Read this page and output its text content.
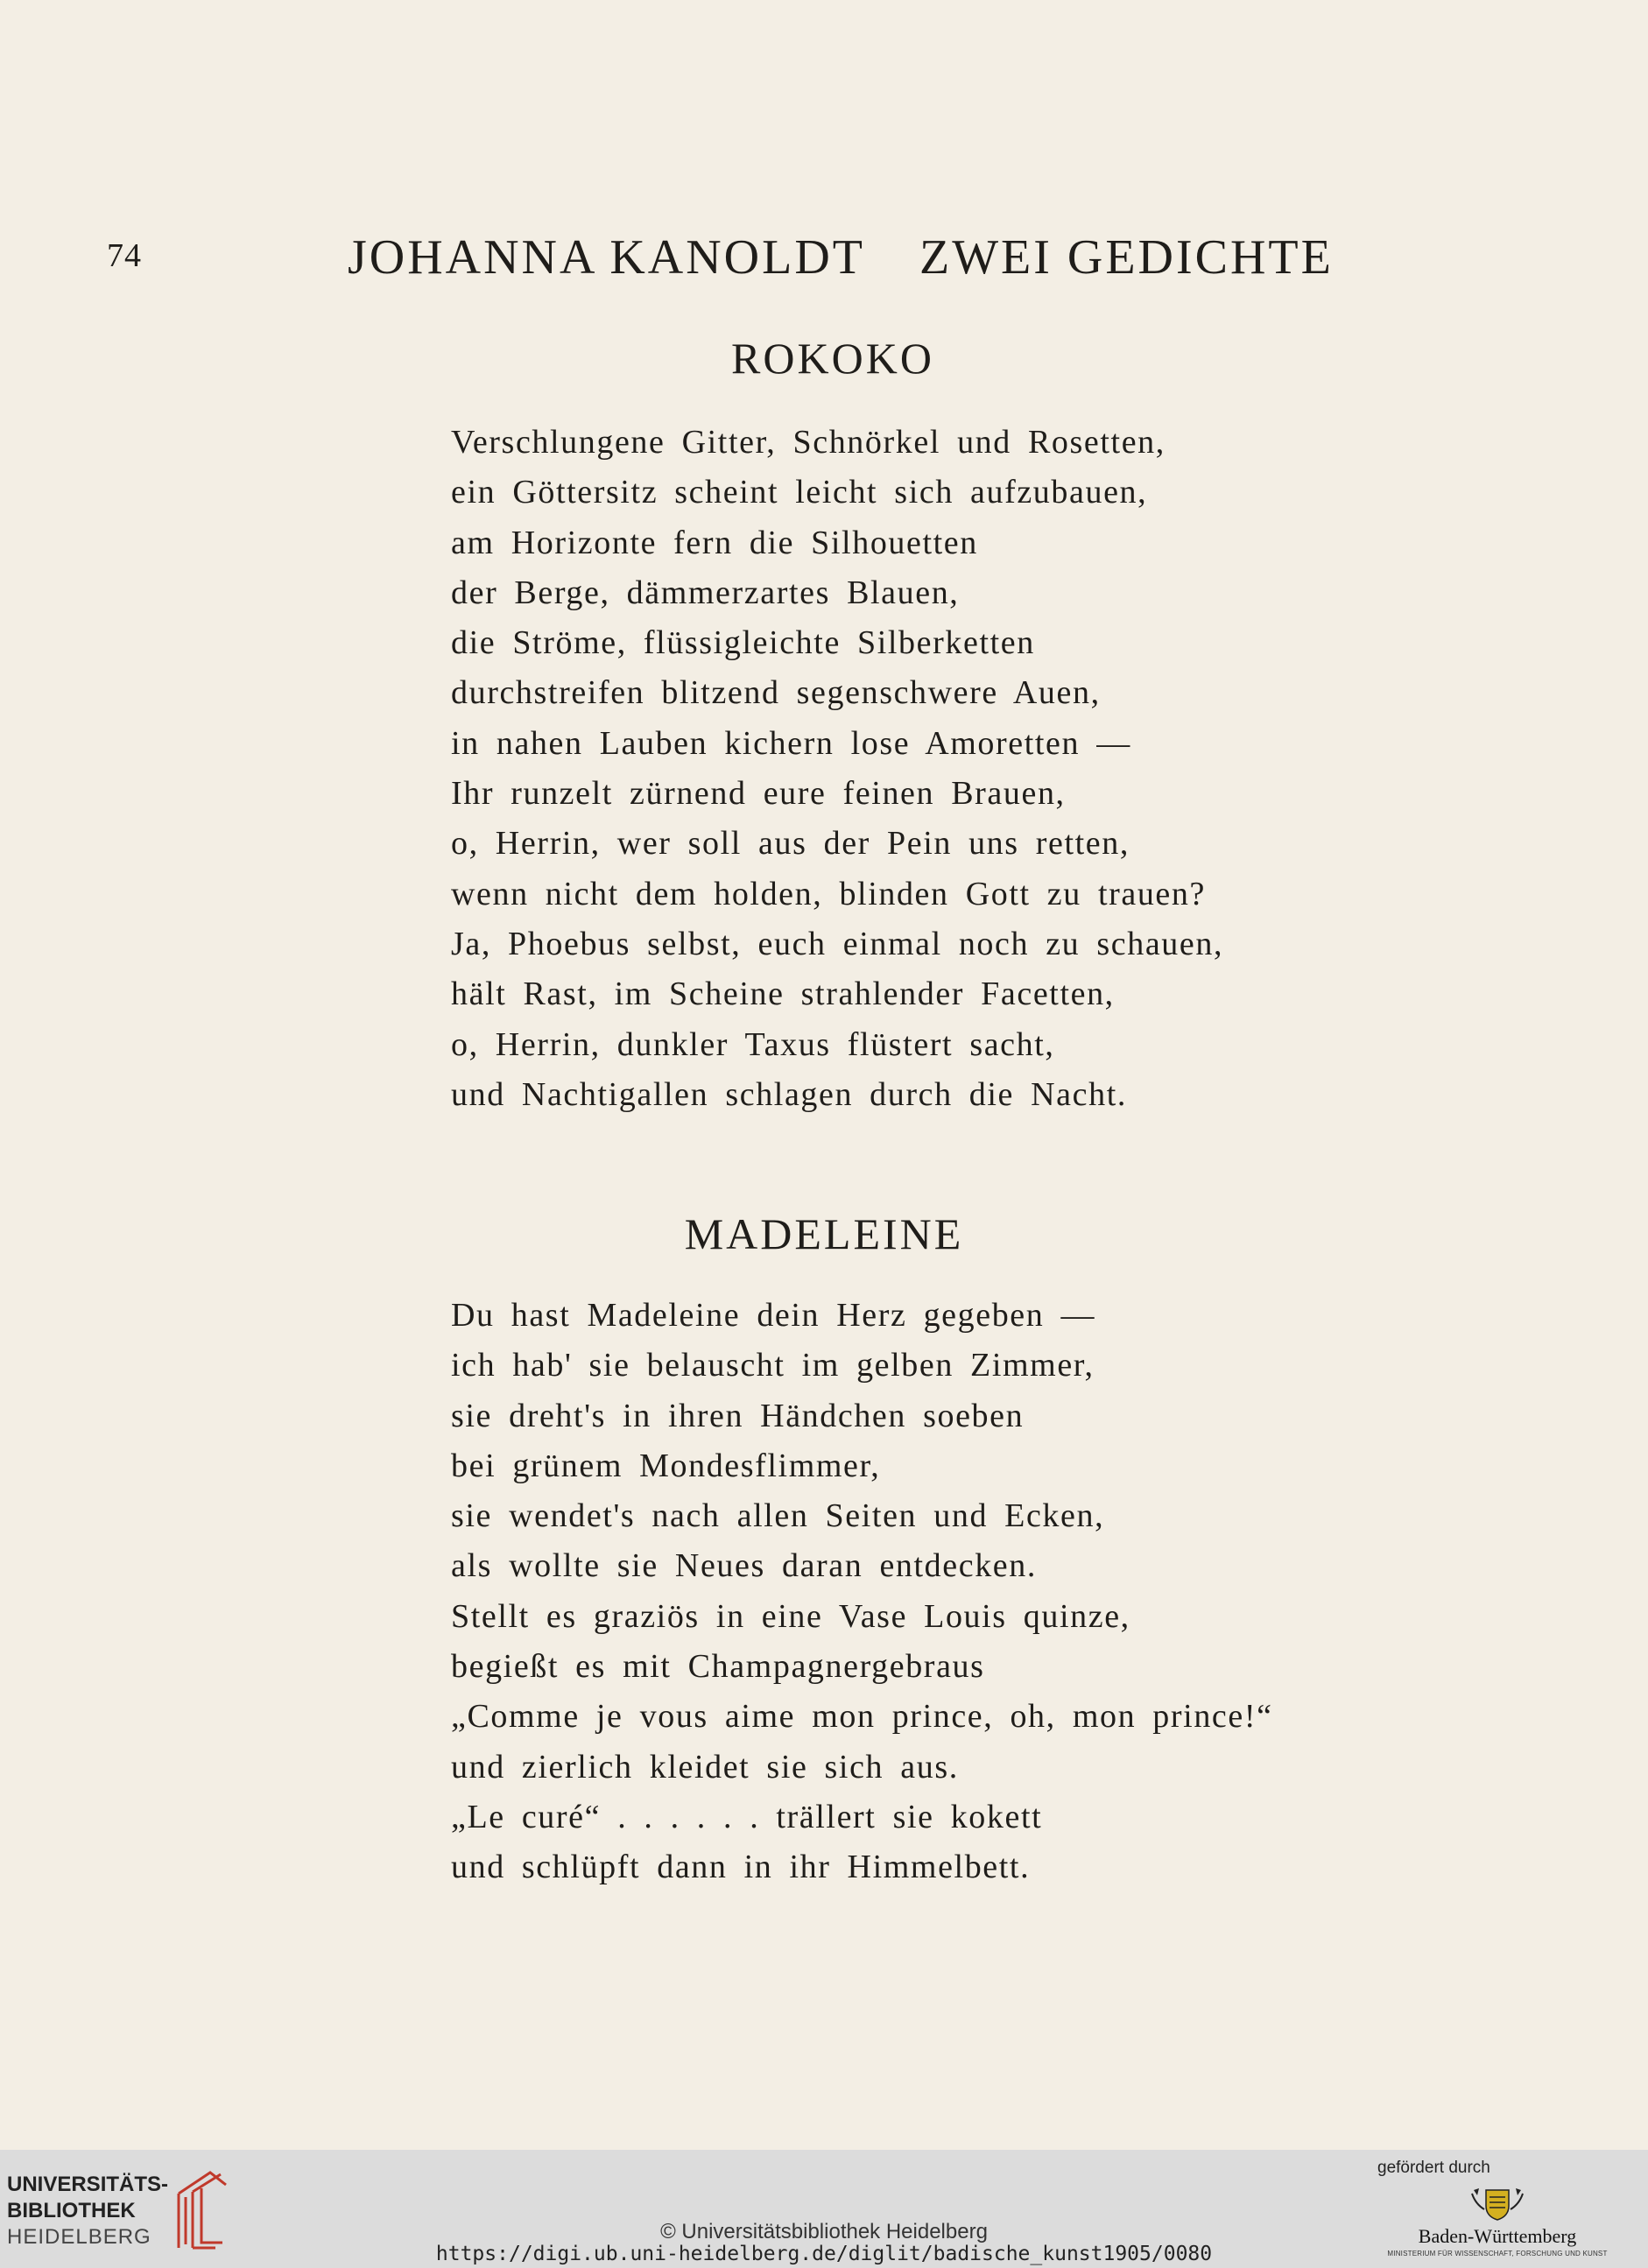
74	JOHANNA KANOLDT ZWEI GEDICHTE
ROKOKO
Verschlungene Gitter, Schnörkel und Rosetten,
ein Göttersitz scheint leicht sich aufzubauen,
am Horizonte fern die Silhouetten
der Berge, dämmerzartes Blauen,
die Ströme, flüssigleichte Silberketten
durchstreifen blitzend segenschwere Auen,
in nahen Lauben kichern lose Amoretten —
Ihr runzelt zürnend eure feinen Brauen,
o, Herrin, wer soll aus der Pein uns retten,
wenn nicht dem holden, blinden Gott zu trauen?
Ja, Phoebus selbst, euch einmal noch zu schauen,
hält Rast, im Scheine strahlender Facetten,
o, Herrin, dunkler Taxus flüstert sacht,
und Nachtigallen schlagen durch die Nacht.
MADELEINE
Du hast Madeleine dein Herz gegeben —
ich hab' sie belauscht im gelben Zimmer,
sie dreht's in ihren Händchen soeben
bei grünem Mondesflimmer,
sie wendet's nach allen Seiten und Ecken,
als wollte sie Neues daran entdecken.
Stellt es graziös in eine Vase Louis quinze,
begießt es mit Champagnergebraus
„Comme je vous aime mon prince, oh, mon prince!“
und zierlich kleidet sie sich aus.
„Le curé“ . . . . . . trällert sie kokett
und schlüpft dann in ihr Himmelbett.
UNIVERSITÄTS-
BIBLIOTHEK
HEIDELBERG	© Universitätsbibliothek Heidelberg
https://digi.ub.uni-heidelberg.de/diglit/badische_kunst1905/0080
gefördert durch
Baden-Württemberg
MINISTERIUM FÜR WISSENSCHAFT, FORSCHUNG UND KUNST
